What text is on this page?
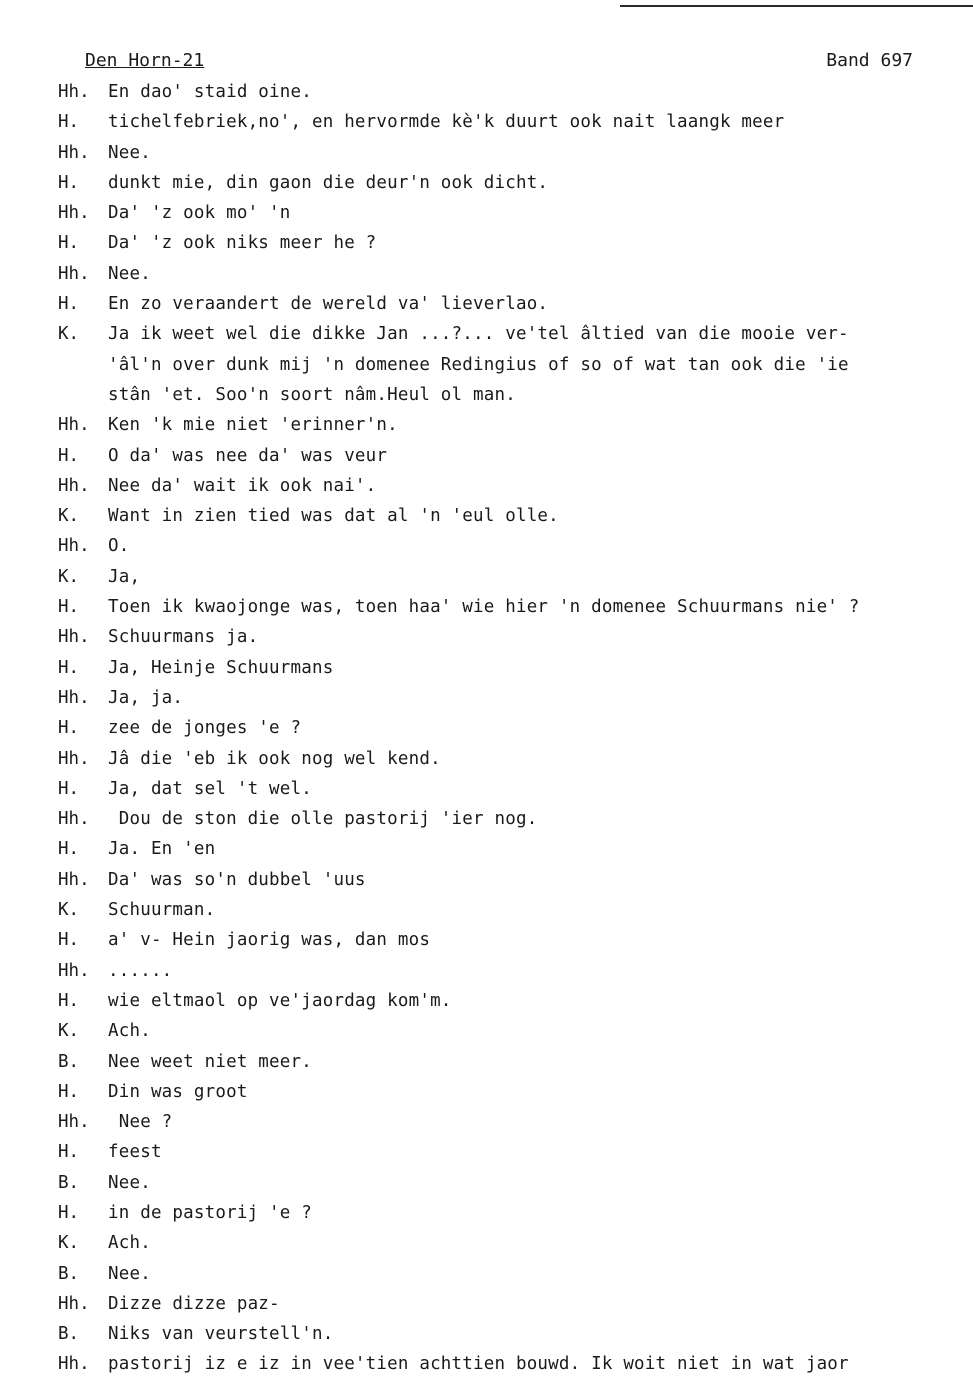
Den Horn-21	Band 697
Hh. En dao' staid oine.
H. tichelfebriek,no', en hervormde kè'k duurt ook nait laangk meer
Hh. Nee.
H. dunkt mie, din gaon die deur'n ook dicht.
Hh. Da' 'z ook mo' 'n
H. Da' 'z ook niks meer he ?
Hh. Nee.
H. En zo veraandert de wereld va' lieverlao.
K. Ja ik weet wel die dikke Jan ...?... ve'tel âltied van die mooie ver-
'âl'n over dunk mij 'n domenee Redingius of so of wat tan ook die 'ie
stân 'et. Soo'n soort nâm.Heul ol man.
Hh. Ken 'k mie niet 'erinner'n.
H. O da' was nee da' was veur
Hh. Nee da' wait ik ook nai'.
K. Want in zien tied was dat al 'n 'eul olle.
Hh. O.
K. Ja,
H. Toen ik kwaojonge was, toen haa' wie hier 'n domenee Schuurmans nie' ?
Hh. Schuurmans ja.
H. Ja, Heinje Schuurmans
Hh. Ja, ja.
H. zee de jonges 'e ?
Hh. Jâ die 'eb ik ook nog wel kend.
H. Ja, dat sel 't wel.
Hh. Dou de ston die olle pastorij 'ier nog.
H. Ja. En 'en
Hh. Da' was so'n dubbel 'uus
K. Schuurman.
H. a' v- Hein jaorig was, dan mos
Hh. ......
H. wie eltmaol op ve'jaordag kom'm.
K. Ach.
B. Nee weet niet meer.
H. Din was groot
Hh. Nee ?
H. feest
B. Nee.
H. in de pastorij 'e ?
K. Ach.
B. Nee.
Hh. Dizze dizze paz-
B. Niks van veurstell'n.
Hh. pastorij iz e iz in vee'tien achttien bouwd. Ik woit niet in wat jaor
